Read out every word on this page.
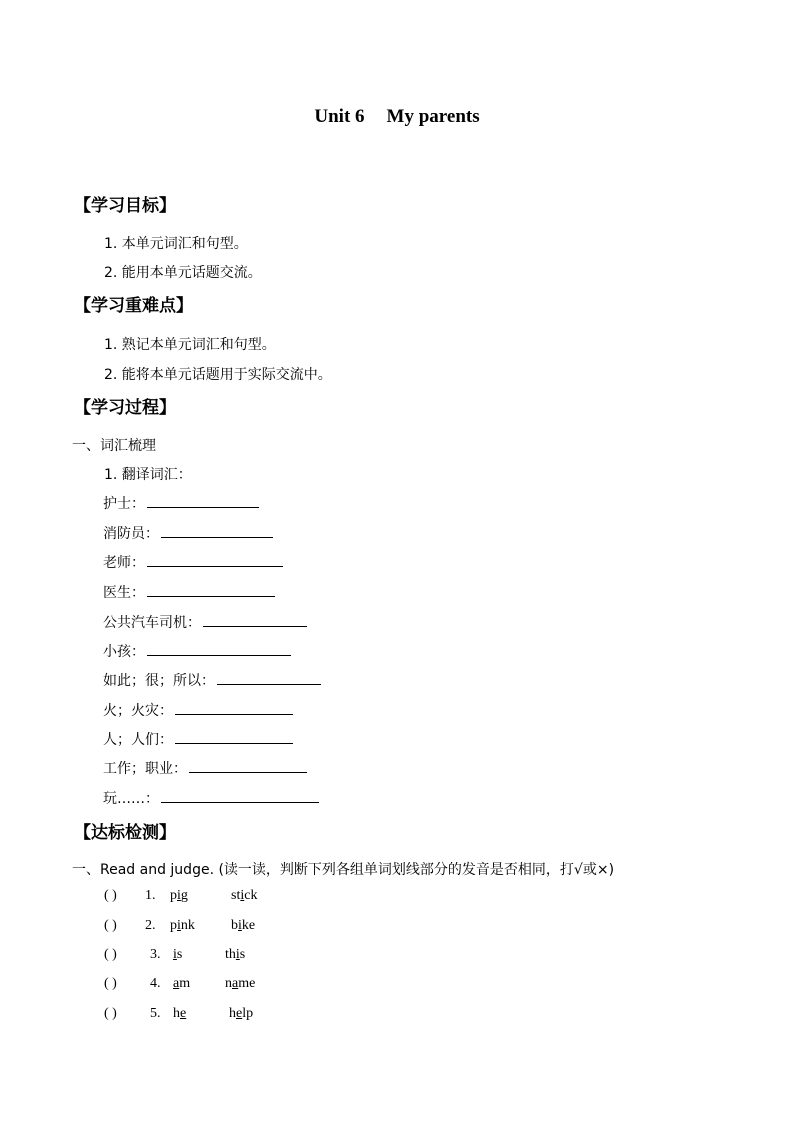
Unit 6 My parents
【学习目标】
1. 本单元词汇和句型。
2. 能用本单元话题交流。
【学习重难点】
1. 熟记本单元词汇和句型。
2. 能将本单元话题用于实际交流中。
【学习过程】
一、词汇梳理
1. 翻译词汇：
护士：
消防员：
老师：
医生：
公共汽车司机：
小孩：
如此；很；所以：
火；火灾：
人；人们：
工作；职业：
玩……：
【达标检测】
一、Read and judge. (读一读，判断下列各组单词划线部分的发音是否相同，打√或×)
( ) 1. pig	stick
( ) 2. pink	bike
( ) 3. is	this
( ) 4. am name
( ) 5. he	help
